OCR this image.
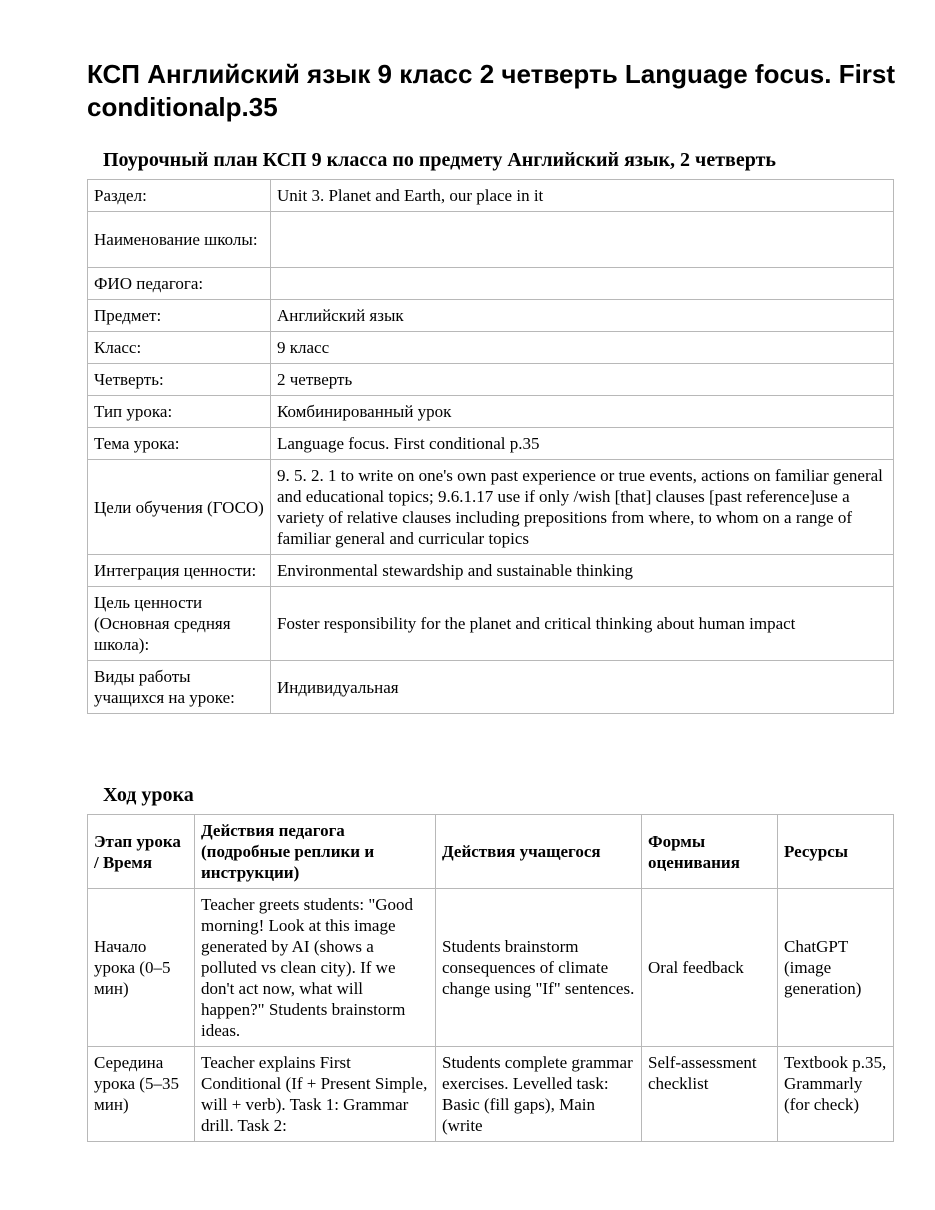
КСП Английский язык 9 класс 2 четверть Language focus. First conditionalp.35
Поурочный план КСП 9 класса по предмету Английский язык, 2 четверть
Раздел:	Unit 3. Planet and Earth, our place in it
Наименование школы:	
ФИО педагога:	
Предмет:	Английский язык
Класс:	9 класс
Четверть:	2 четверть
Тип урока:	Комбинированный урок
Тема урока:	Language focus. First conditional p.35
Цели обучения (ГОСО)	9. 5. 2. 1 to write on one's own past experience or true events, actions on familiar general and educational topics; 9.6.1.17 use if only /wish [that] clauses [past reference]use a variety of relative clauses including prepositions from where, to whom on a range of familiar general and curricular topics
Интеграция ценности:	Environmental stewardship and sustainable thinking
Цель ценности (Основная средняя школа):	Foster responsibility for the planet and critical thinking about human impact
Виды работы учащихся на уроке:	Индивидуальная
Ход урока
Этап урока / Время	Действия педагога (подробные реплики и инструкции)	Действия учащегося	Формы оценивания	Ресурсы
Начало урока (0–5 мин)	Teacher greets students: "Good morning! Look at this image generated by AI (shows a polluted vs clean city). If we don't act now, what will happen?" Students brainstorm ideas.	Students brainstorm consequences of climate change using "If" sentences.	Oral feedback	ChatGPT (image generation)
Середина урока (5–35 мин)	Teacher explains First Conditional (If + Present Simple, will + verb). Task 1: Grammar drill. Task 2:	Students complete grammar exercises. Levelled task: Basic (fill gaps), Main (write	Self-assessment checklist	Textbook p.35, Grammarly (for check)
